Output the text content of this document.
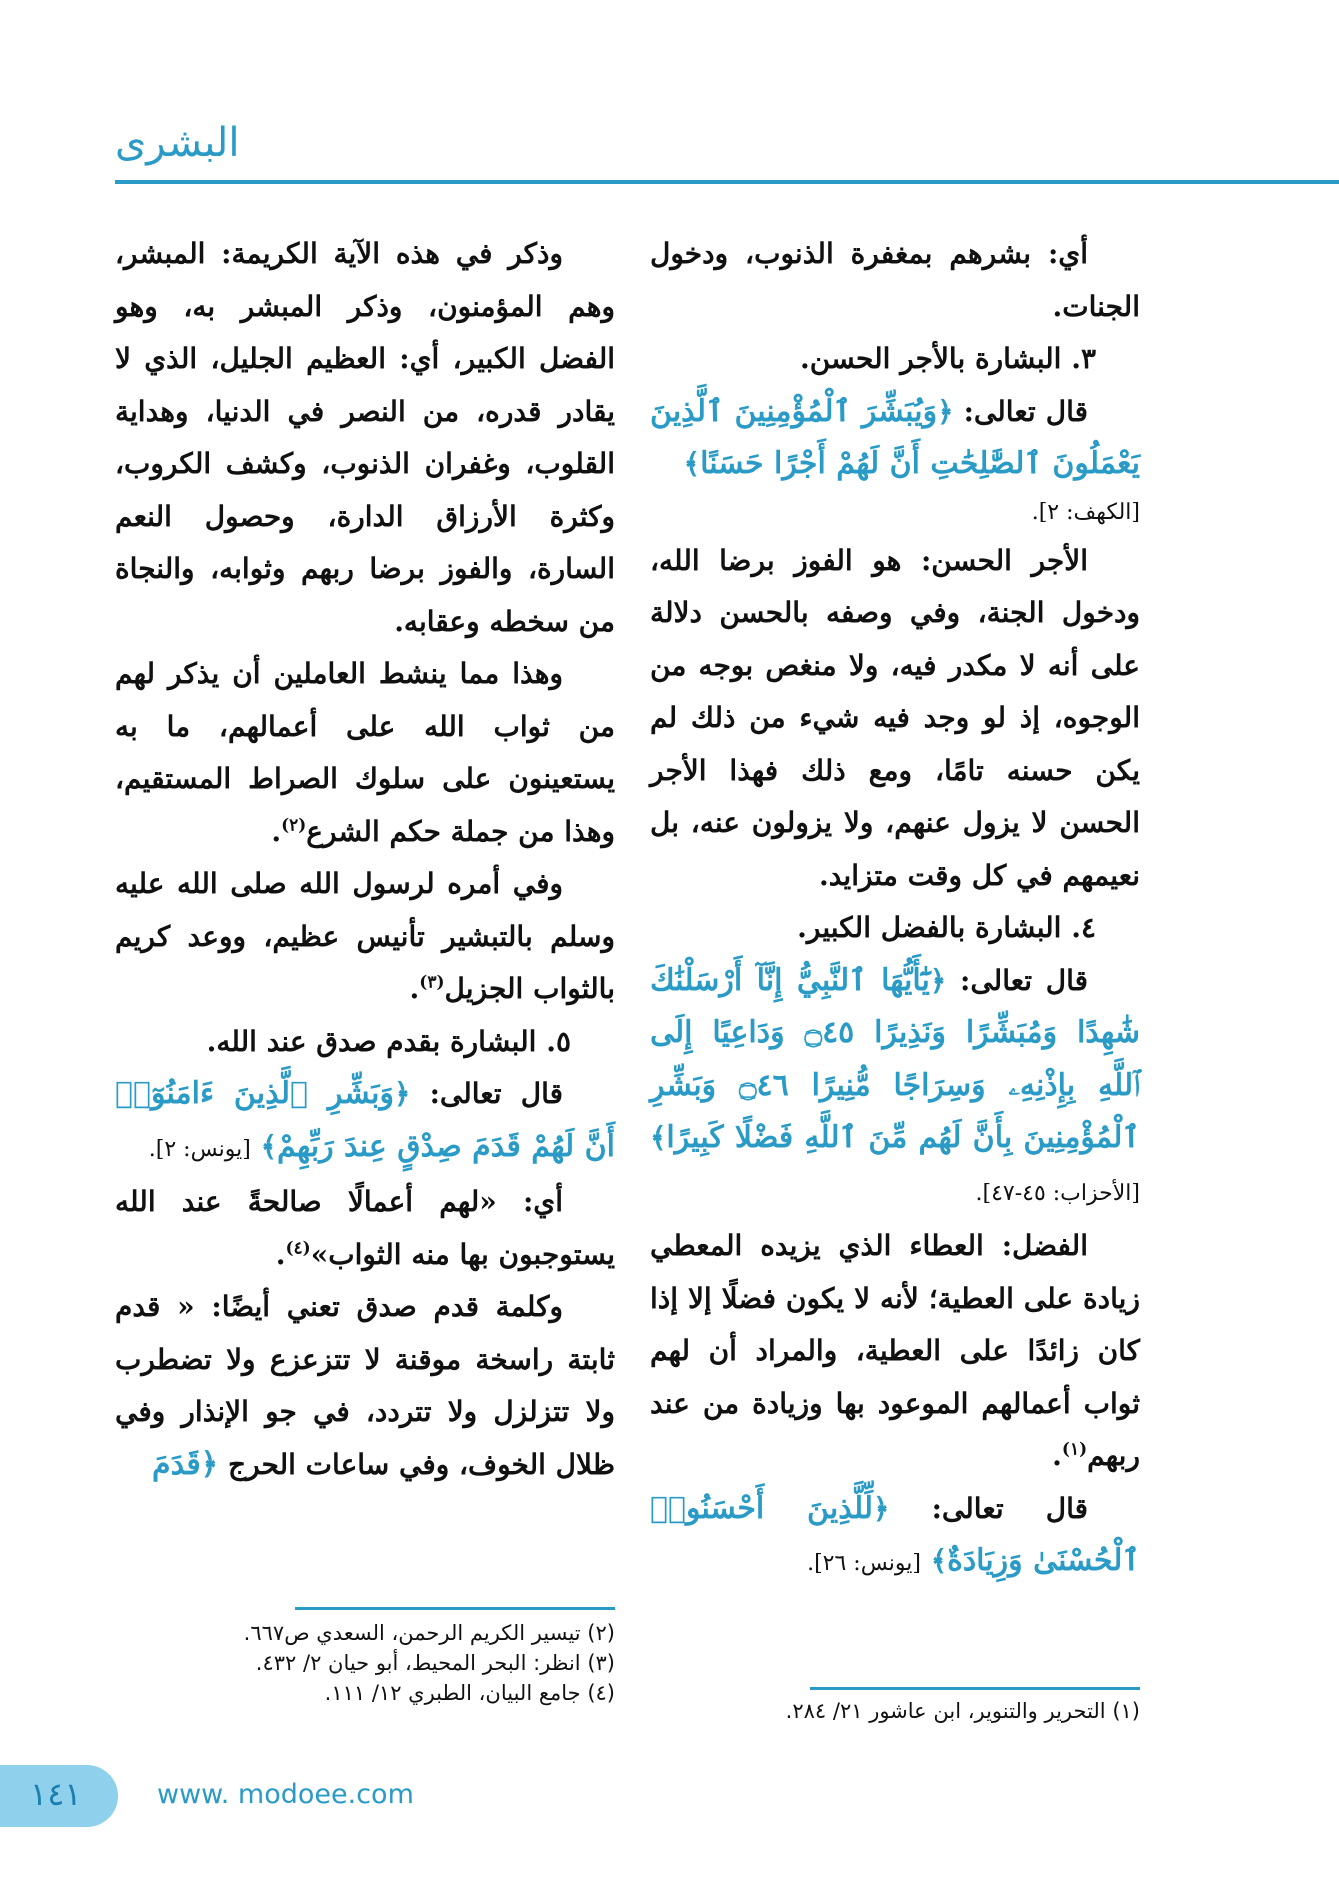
البشرى

أي: بشرهم بمغفرة الذنوب، ودخول الجنات.

٣. البشارة بالأجر الحسن.

قال تعالى: ﴿وَيُبَشِّرَ ٱلْمُؤْمِنِينَ ٱلَّذِينَ يَعْمَلُونَ ٱلصَّٰلِحَٰتِ أَنَّ لَهُمْ أَجْرًا حَسَنًا﴾

[الكهف: ٢].

الأجر الحسن: هو الفوز برضا الله، ودخول الجنة، وفي وصفه بالحسن دلالة على أنه لا مكدر فيه، ولا منغص بوجه من الوجوه، إذ لو وجد فيه شيء من ذلك لم يكن حسنه تامًا، ومع ذلك فهذا الأجر الحسن لا يزول عنهم، ولا يزولون عنه، بل نعيمهم في كل وقت متزايد.

٤. البشارة بالفضل الكبير.

قال تعالى: ﴿يَٰٓأَيُّهَا ٱلنَّبِيُّ إِنَّآ أَرْسَلْنَٰكَ شَٰهِدًا وَمُبَشِّرًا وَنَذِيرًا ۝٤٥ وَدَاعِيًا إِلَى ٱللَّهِ بِإِذْنِهِۦ وَسِرَاجًا مُّنِيرًا ۝٤٦ وَبَشِّرِ ٱلْمُؤْمِنِينَ بِأَنَّ لَهُم مِّنَ ٱللَّهِ فَضْلًا كَبِيرًا﴾ [الأحزاب: ٤٥-٤٧].

الفضل: العطاء الذي يزيده المعطي زيادة على العطية؛ لأنه لا يكون فضلًا إلا إذا كان زائدًا على العطية، والمراد أن لهم ثواب أعمالهم الموعود بها وزيادة من عند ربهم$^{(١)}$.

قال تعالى: ﴿لِّلَّذِينَ أَحْسَنُوا۟ ٱلْحُسْنَىٰ وَزِيَادَةٌ﴾ [يونس: ٢٦].

وذكر في هذه الآية الكريمة: المبشر، وهم المؤمنون، وذكر المبشر به، وهو الفضل الكبير، أي: العظيم الجليل، الذي لا يقادر قدره، من النصر في الدنيا، وهداية القلوب، وغفران الذنوب، وكشف الكروب، وكثرة الأرزاق الدارة، وحصول النعم السارة، والفوز برضا ربهم وثوابه، والنجاة من سخطه وعقابه.

وهذا مما ينشط العاملين أن يذكر لهم من ثواب الله على أعمالهم، ما به يستعينون على سلوك الصراط المستقيم، وهذا من جملة حكم الشرع$^{(٢)}$.

وفي أمره لرسول الله صلى الله عليه وسلم بالتبشير تأنيس عظيم، ووعد كريم بالثواب الجزيل$^{(٣)}$.

٥. البشارة بقدم صدق عند الله.

قال تعالى: ﴿وَبَشِّرِ ٱلَّذِينَ ءَامَنُوٓا۟ أَنَّ لَهُمْ قَدَمَ صِدْقٍ عِندَ رَبِّهِمْ﴾ [يونس: ٢].

أي: «لهم أعمالًا صالحةً عند الله يستوجبون بها منه الثواب»$^{(٤)}$.

وكلمة قدم صدق تعني أيضًا: « قدم ثابتة راسخة موقنة لا تتزعزع ولا تضطرب ولا تتزلزل ولا تتردد، في جو الإنذار وفي ظلال الخوف، وفي ساعات الحرج ﴿قَدَمَ

(٢) تيسير الكريم الرحمن، السعدي ص٦٦٧.
(٣) انظر: البحر المحيط، أبو حيان ٢/ ٤٣٢.
(٤) جامع البيان، الطبري ١٢/ ١١١.
(١) التحرير والتنوير، ابن عاشور ٢١/ ٢٨٤.
١٤١	www. modoee.com
